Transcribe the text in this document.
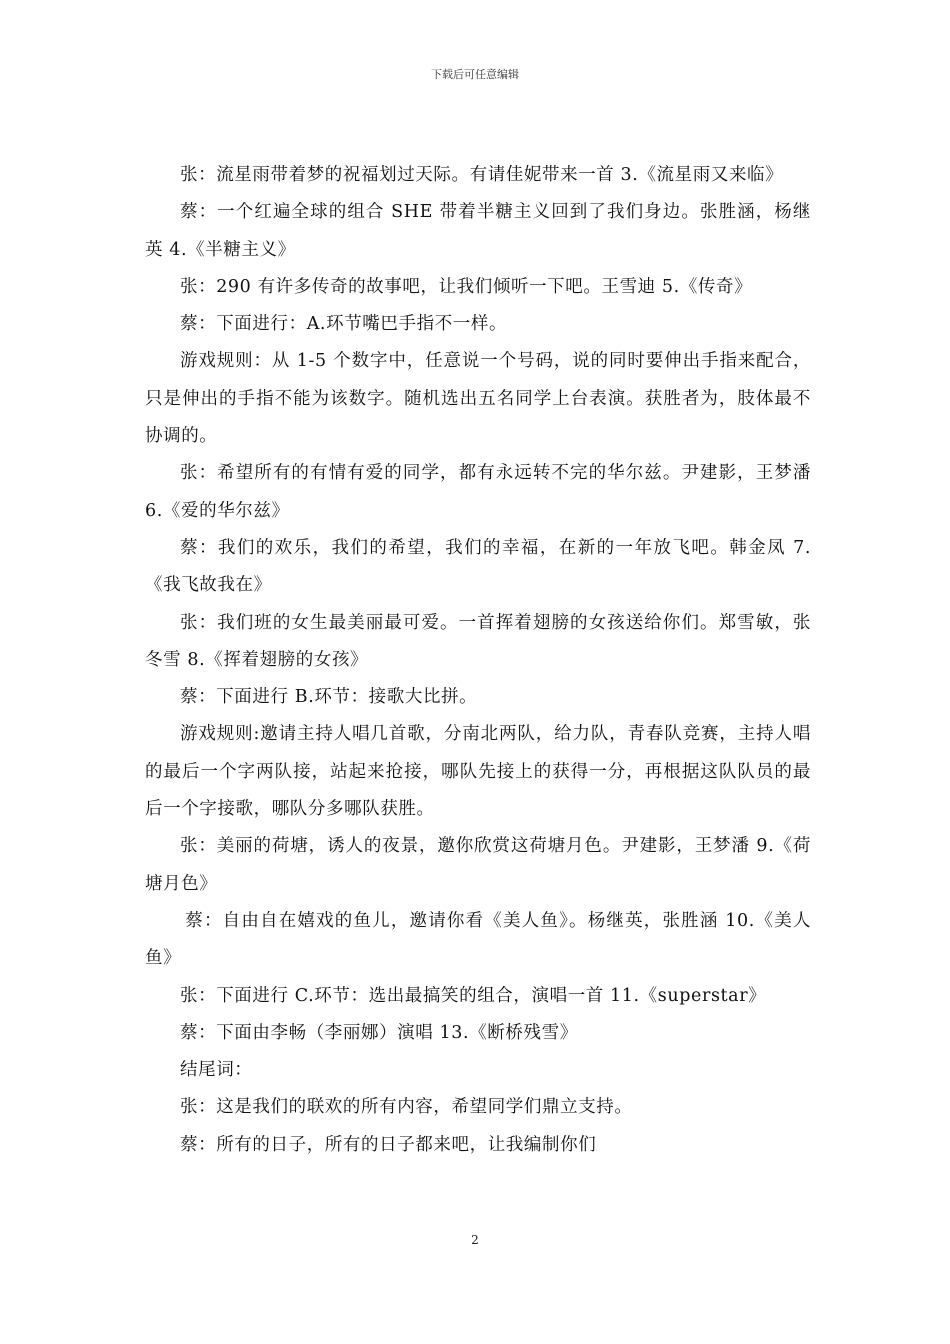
下载后可任意编辑

张：流星雨带着梦的祝福划过天际。有请佳妮带来一首 3.《流星雨又来临》

蔡：一个红遍全球的组合 SHE 带着半糖主义回到了我们身边。张胜涵，杨继英 4.《半糖主义》

张：290 有许多传奇的故事吧，让我们倾听一下吧。王雪迪 5.《传奇》

蔡：下面进行：A.环节嘴巴手指不一样。

游戏规则：从 1-5 个数字中，任意说一个号码，说的同时要伸出手指来配合，只是伸出的手指不能为该数字。随机选出五名同学上台表演。获胜者为，肢体最不协调的。

张：希望所有的有情有爱的同学，都有永远转不完的华尔兹。尹建影，王梦潘 6.《爱的华尔兹》

蔡：我们的欢乐，我们的希望，我们的幸福，在新的一年放飞吧。韩金凤 7.《我飞故我在》

张：我们班的女生最美丽最可爱。一首挥着翅膀的女孩送给你们。郑雪敏，张冬雪 8.《挥着翅膀的女孩》

蔡：下面进行 B.环节：接歌大比拼。

游戏规则:邀请主持人唱几首歌，分南北两队，给力队，青春队竞赛，主持人唱的最后一个字两队接，站起来抢接，哪队先接上的获得一分，再根据这队队员的最后一个字接歌，哪队分多哪队获胜。

张：美丽的荷塘，诱人的夜景，邀你欣赏这荷塘月色。尹建影，王梦潘 9.《荷塘月色》

蔡：自由自在嬉戏的鱼儿，邀请你看《美人鱼》。杨继英，张胜涵 10.《美人鱼》

张：下面进行 C.环节：选出最搞笑的组合，演唱一首 11.《superstar》

蔡：下面由李畅（李丽娜）演唱 13.《断桥残雪》

结尾词：

张：这是我们的联欢的所有内容，希望同学们鼎立支持。

蔡：所有的日子，所有的日子都来吧，让我编制你们

2
